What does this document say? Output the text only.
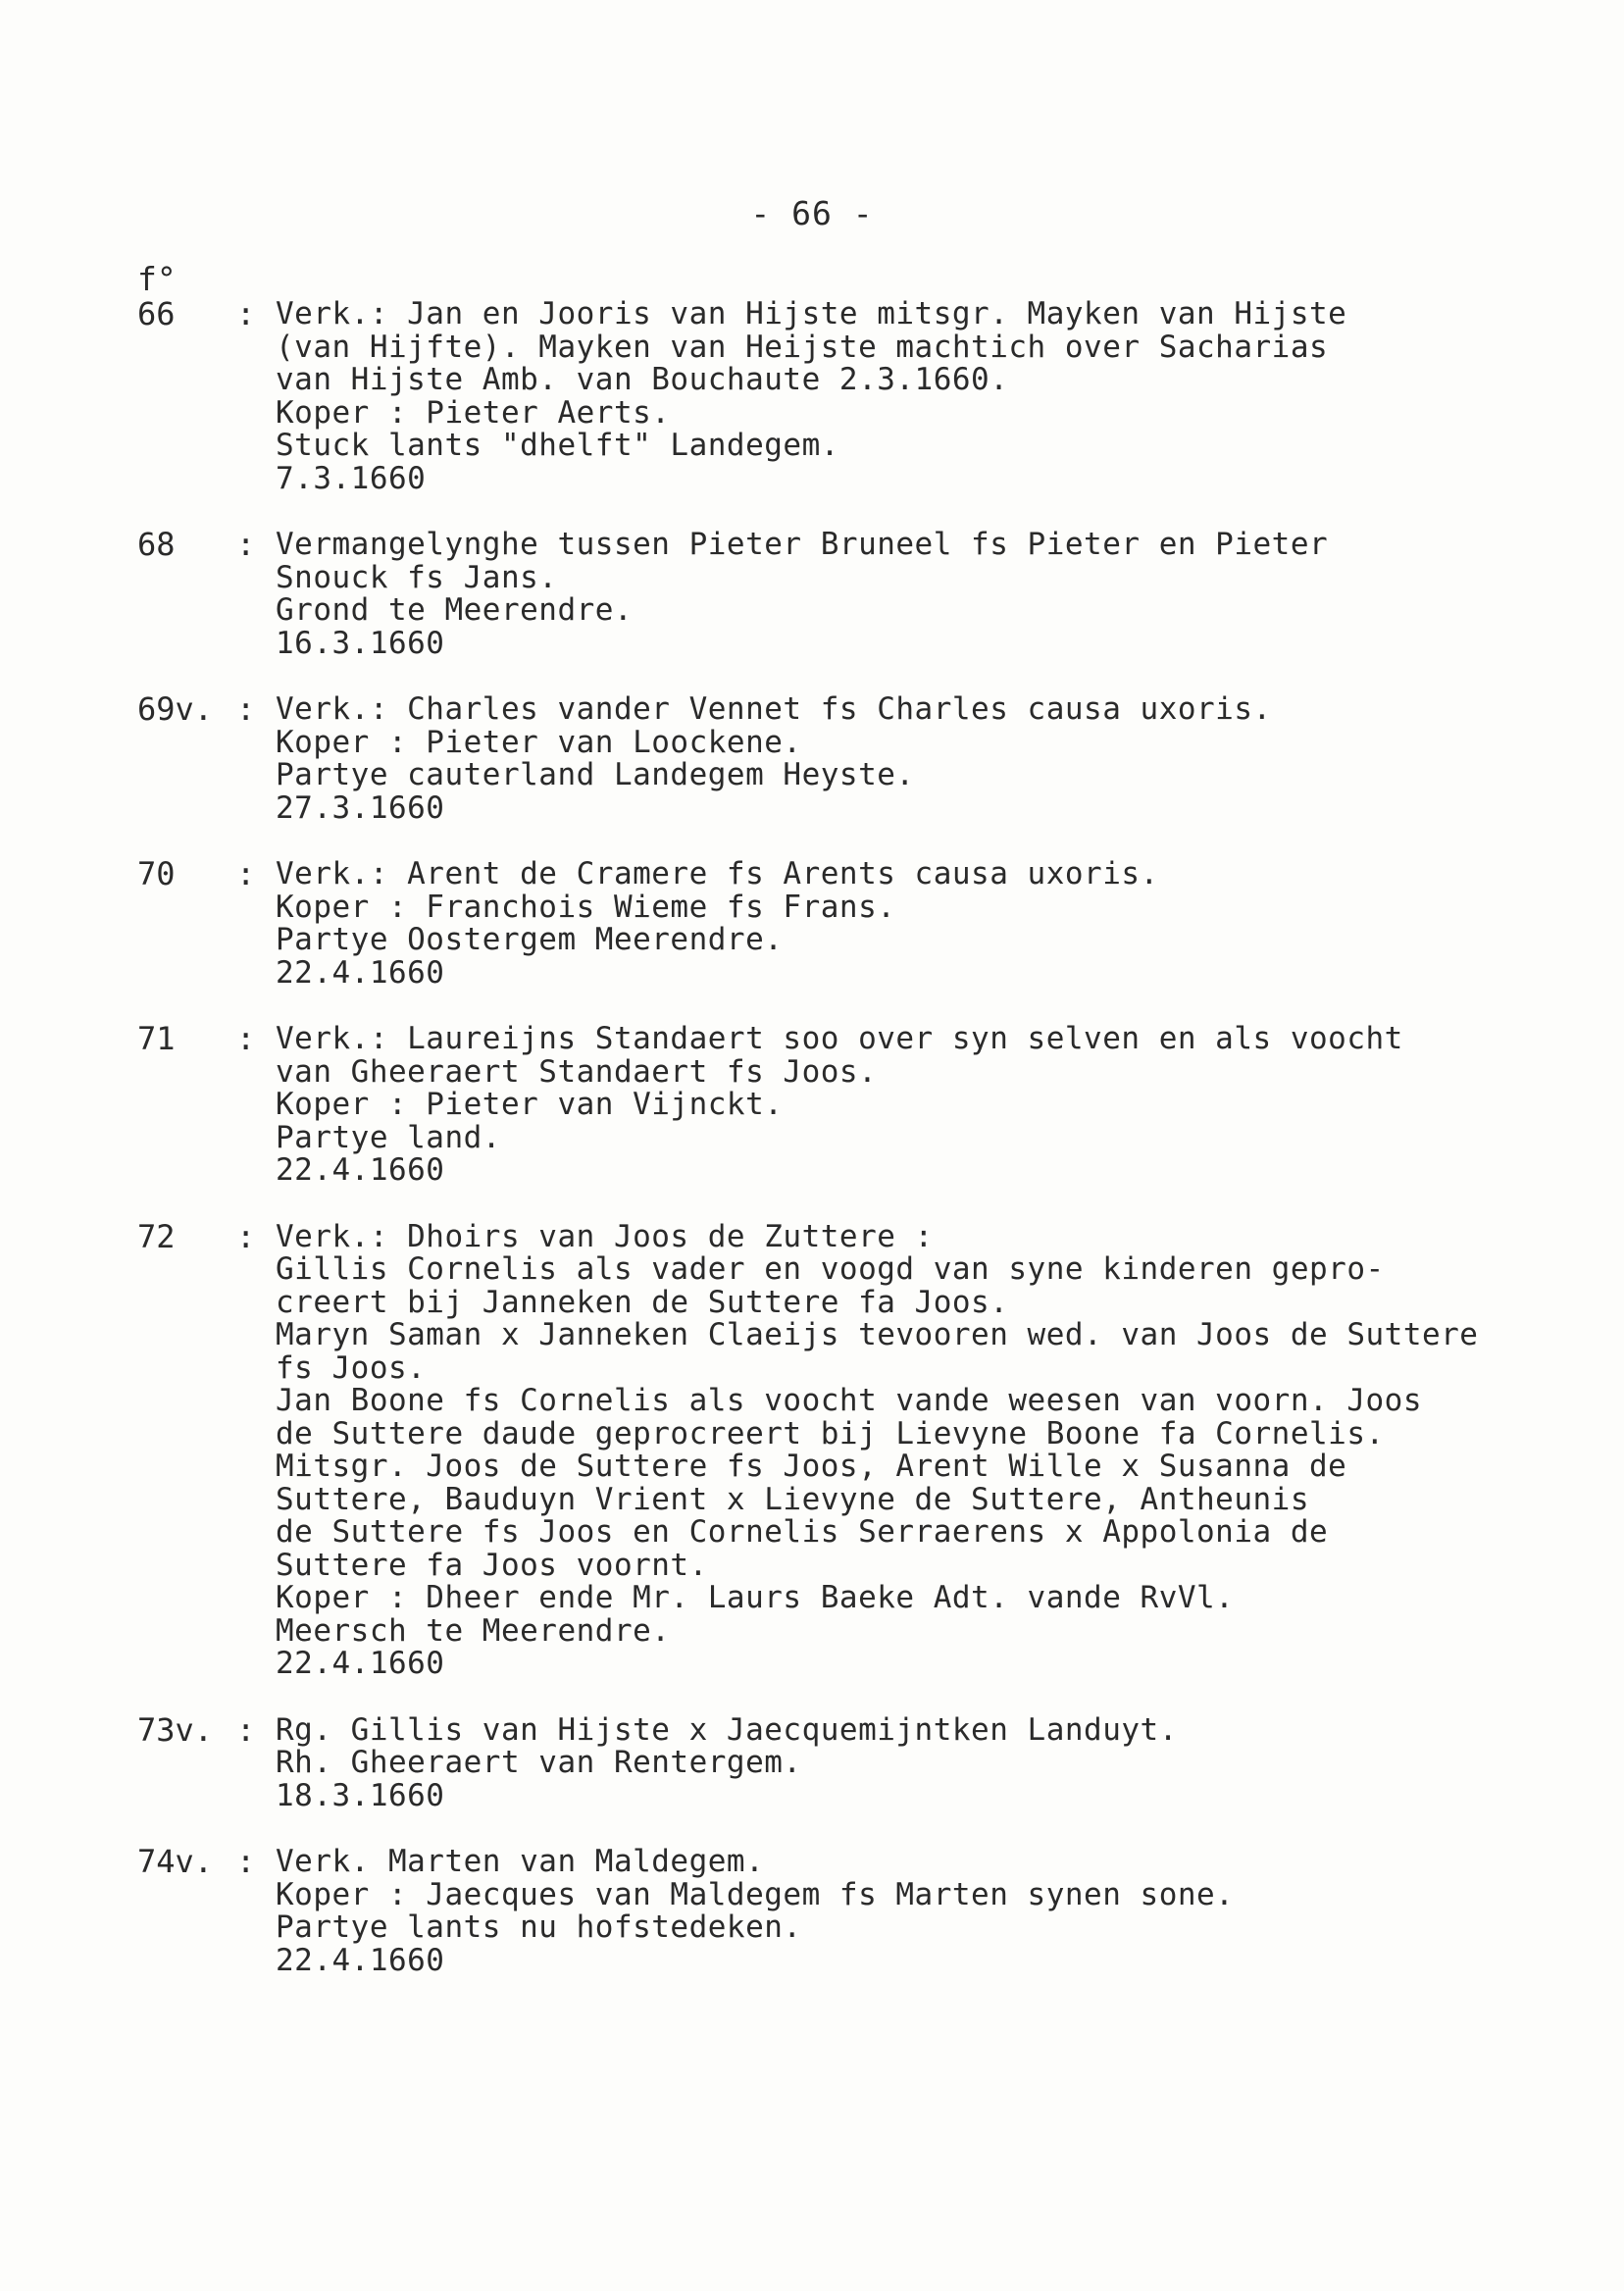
- 66 -
f°
66 : Verk.: Jan en Jooris van Hijste mitsgr. Mayken van Hijste
(van Hijfte). Mayken van Heijste machtich over Sacharias
van Hijste Amb. van Bouchaute 2.3.1660.
Koper : Pieter Aerts.
Stuck lants "dhelft" Landegem.
7.3.1660
68 : Vermangelynghe tussen Pieter Bruneel fs Pieter en Pieter
Snouck fs Jans.
Grond te Meerendre.
16.3.1660
69v. : Verk.: Charles vander Vennet fs Charles causa uxoris.
Koper : Pieter van Loockene.
Partye cauterland Landegem Heyste.
27.3.1660
70 : Verk.: Arent de Cramere fs Arents causa uxoris.
Koper : Franchois Wieme fs Frans.
Partye Oostergem Meerendre.
22.4.1660
71 : Verk.: Laureijns Standaert soo over syn selven en als voocht
van Gheeraert Standaert fs Joos.
Koper : Pieter van Vijnckt.
Partye land.
22.4.1660
72 : Verk.: Dhoirs van Joos de Zuttere :
Gillis Cornelis als vader en voogd van syne kinderen gepro-
creert bij Janneken de Suttere fa Joos.
Maryn Saman x Janneken Claeijs tevooren wed. van Joos de Suttere
fs Joos.
Jan Boone fs Cornelis als voocht vande weesen van voorn. Joos
de Suttere daude geprocreert bij Lievyne Boone fa Cornelis.
Mitsgr. Joos de Suttere fs Joos, Arent Wille x Susanna de
Suttere, Bauduyn Vrient x Lievyne de Suttere, Antheunis
de Suttere fs Joos en Cornelis Serraerens x Appolonia de
Suttere fa Joos voornt.
Koper : Dheer ende Mr. Laurs Baeke Adt. vande RvVl.
Meersch te Meerendre.
22.4.1660
73v. : Rg. Gillis van Hijste x Jaecquemijntken Landuyt.
Rh. Gheeraert van Rentergem.
18.3.1660
74v. : Verk. Marten van Maldegem.
Koper : Jaecques van Maldegem fs Marten synen sone.
Partye lants nu hofstedeken.
22.4.1660
